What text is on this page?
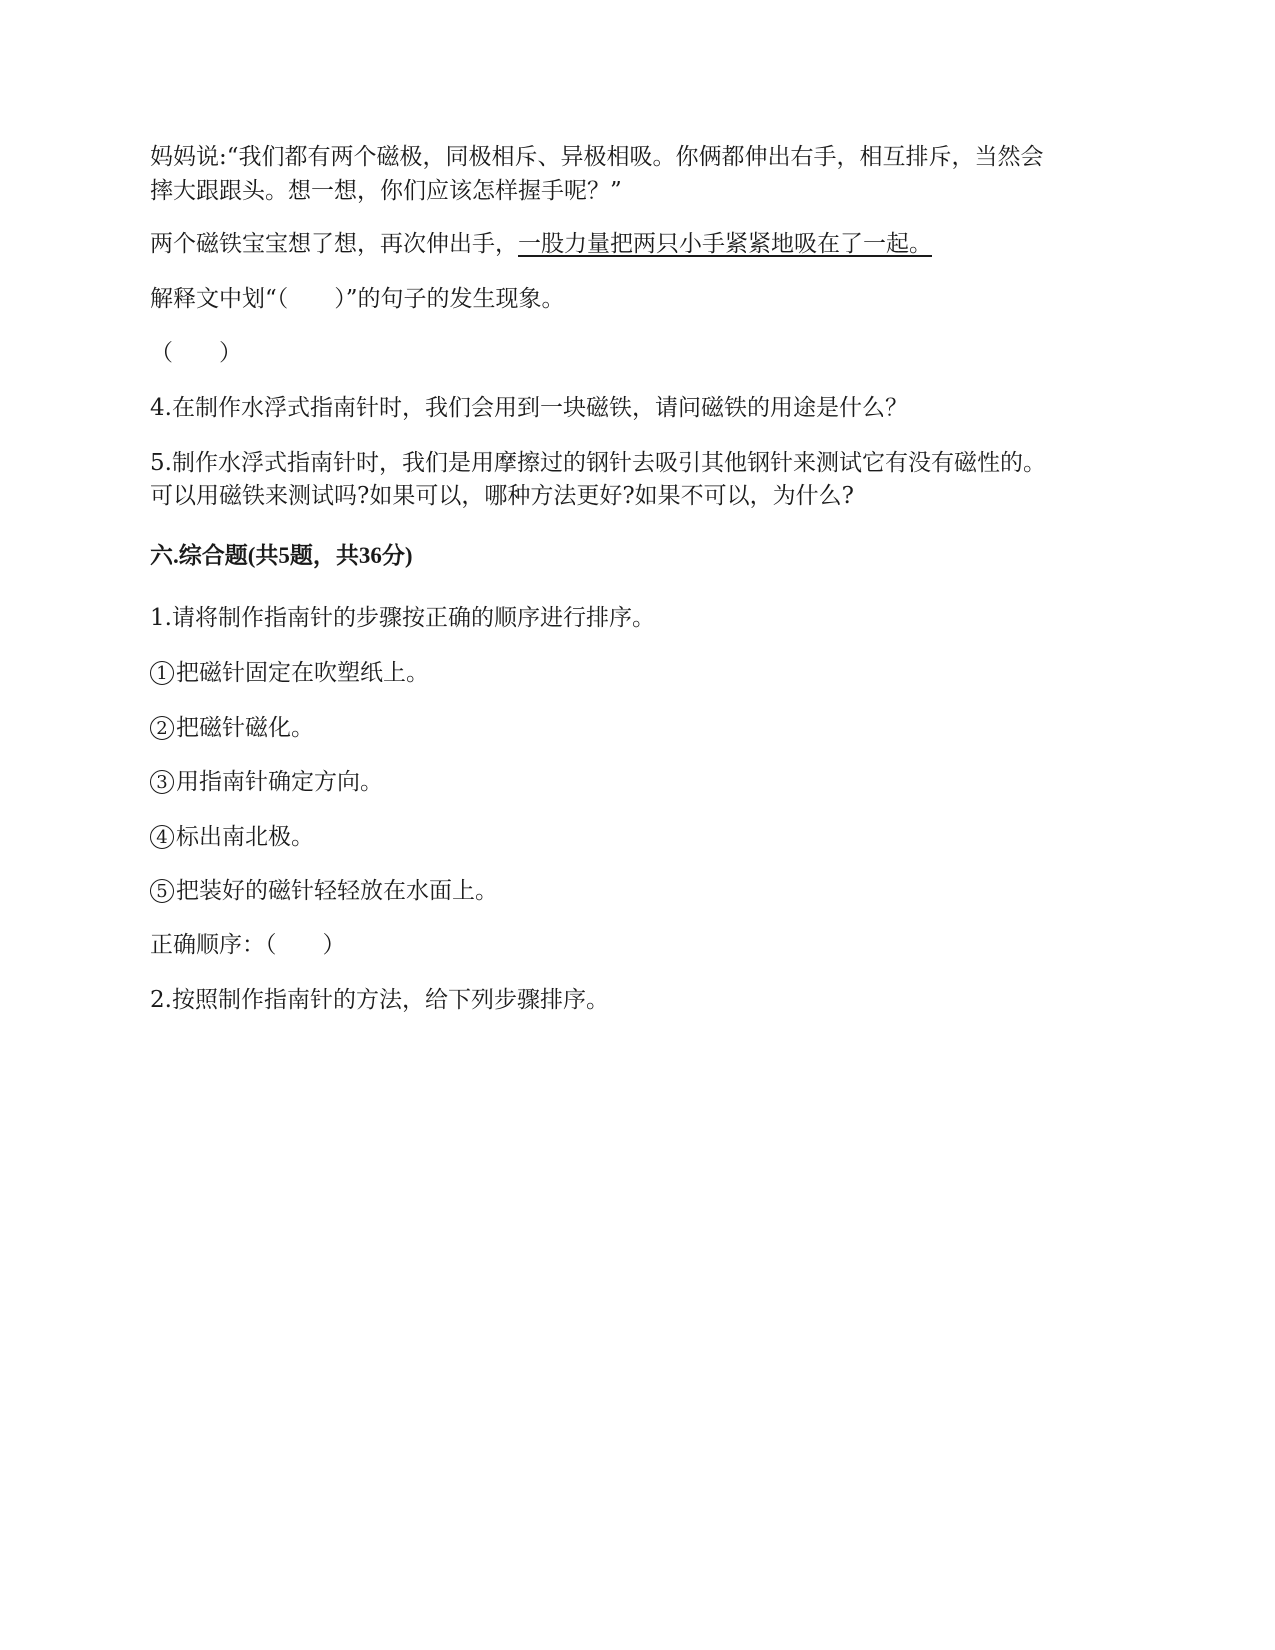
妈妈说:“我们都有两个磁极，同极相斥、异极相吸。你俩都伸出右手，相互排斥，当然会
摔大跟跟头。想一想，你们应该怎样握手呢？”
两个磁铁宝宝想了想，再次伸出手，一股力量把两只小手紧紧地吸在了一起。
解释文中划“（　　）”的句子的发生现象。
（　　）
4.在制作水浮式指南针时，我们会用到一块磁铁，请问磁铁的用途是什么？
5.制作水浮式指南针时，我们是用摩擦过的钢针去吸引其他钢针来测试它有没有磁性的。
可以用磁铁来测试吗?如果可以，哪种方法更好?如果不可以，为什么?
六.综合题(共5题，共36分)
1.请将制作指南针的步骤按正确的顺序进行排序。
1 把磁针固定在吹塑纸上。
2 把磁针磁化。
3 用指南针确定方向。
4 标出南北极。
5 把装好的磁针轻轻放在水面上。
正确顺序：（　　）
2.按照制作指南针的方法，给下列步骤排序。
